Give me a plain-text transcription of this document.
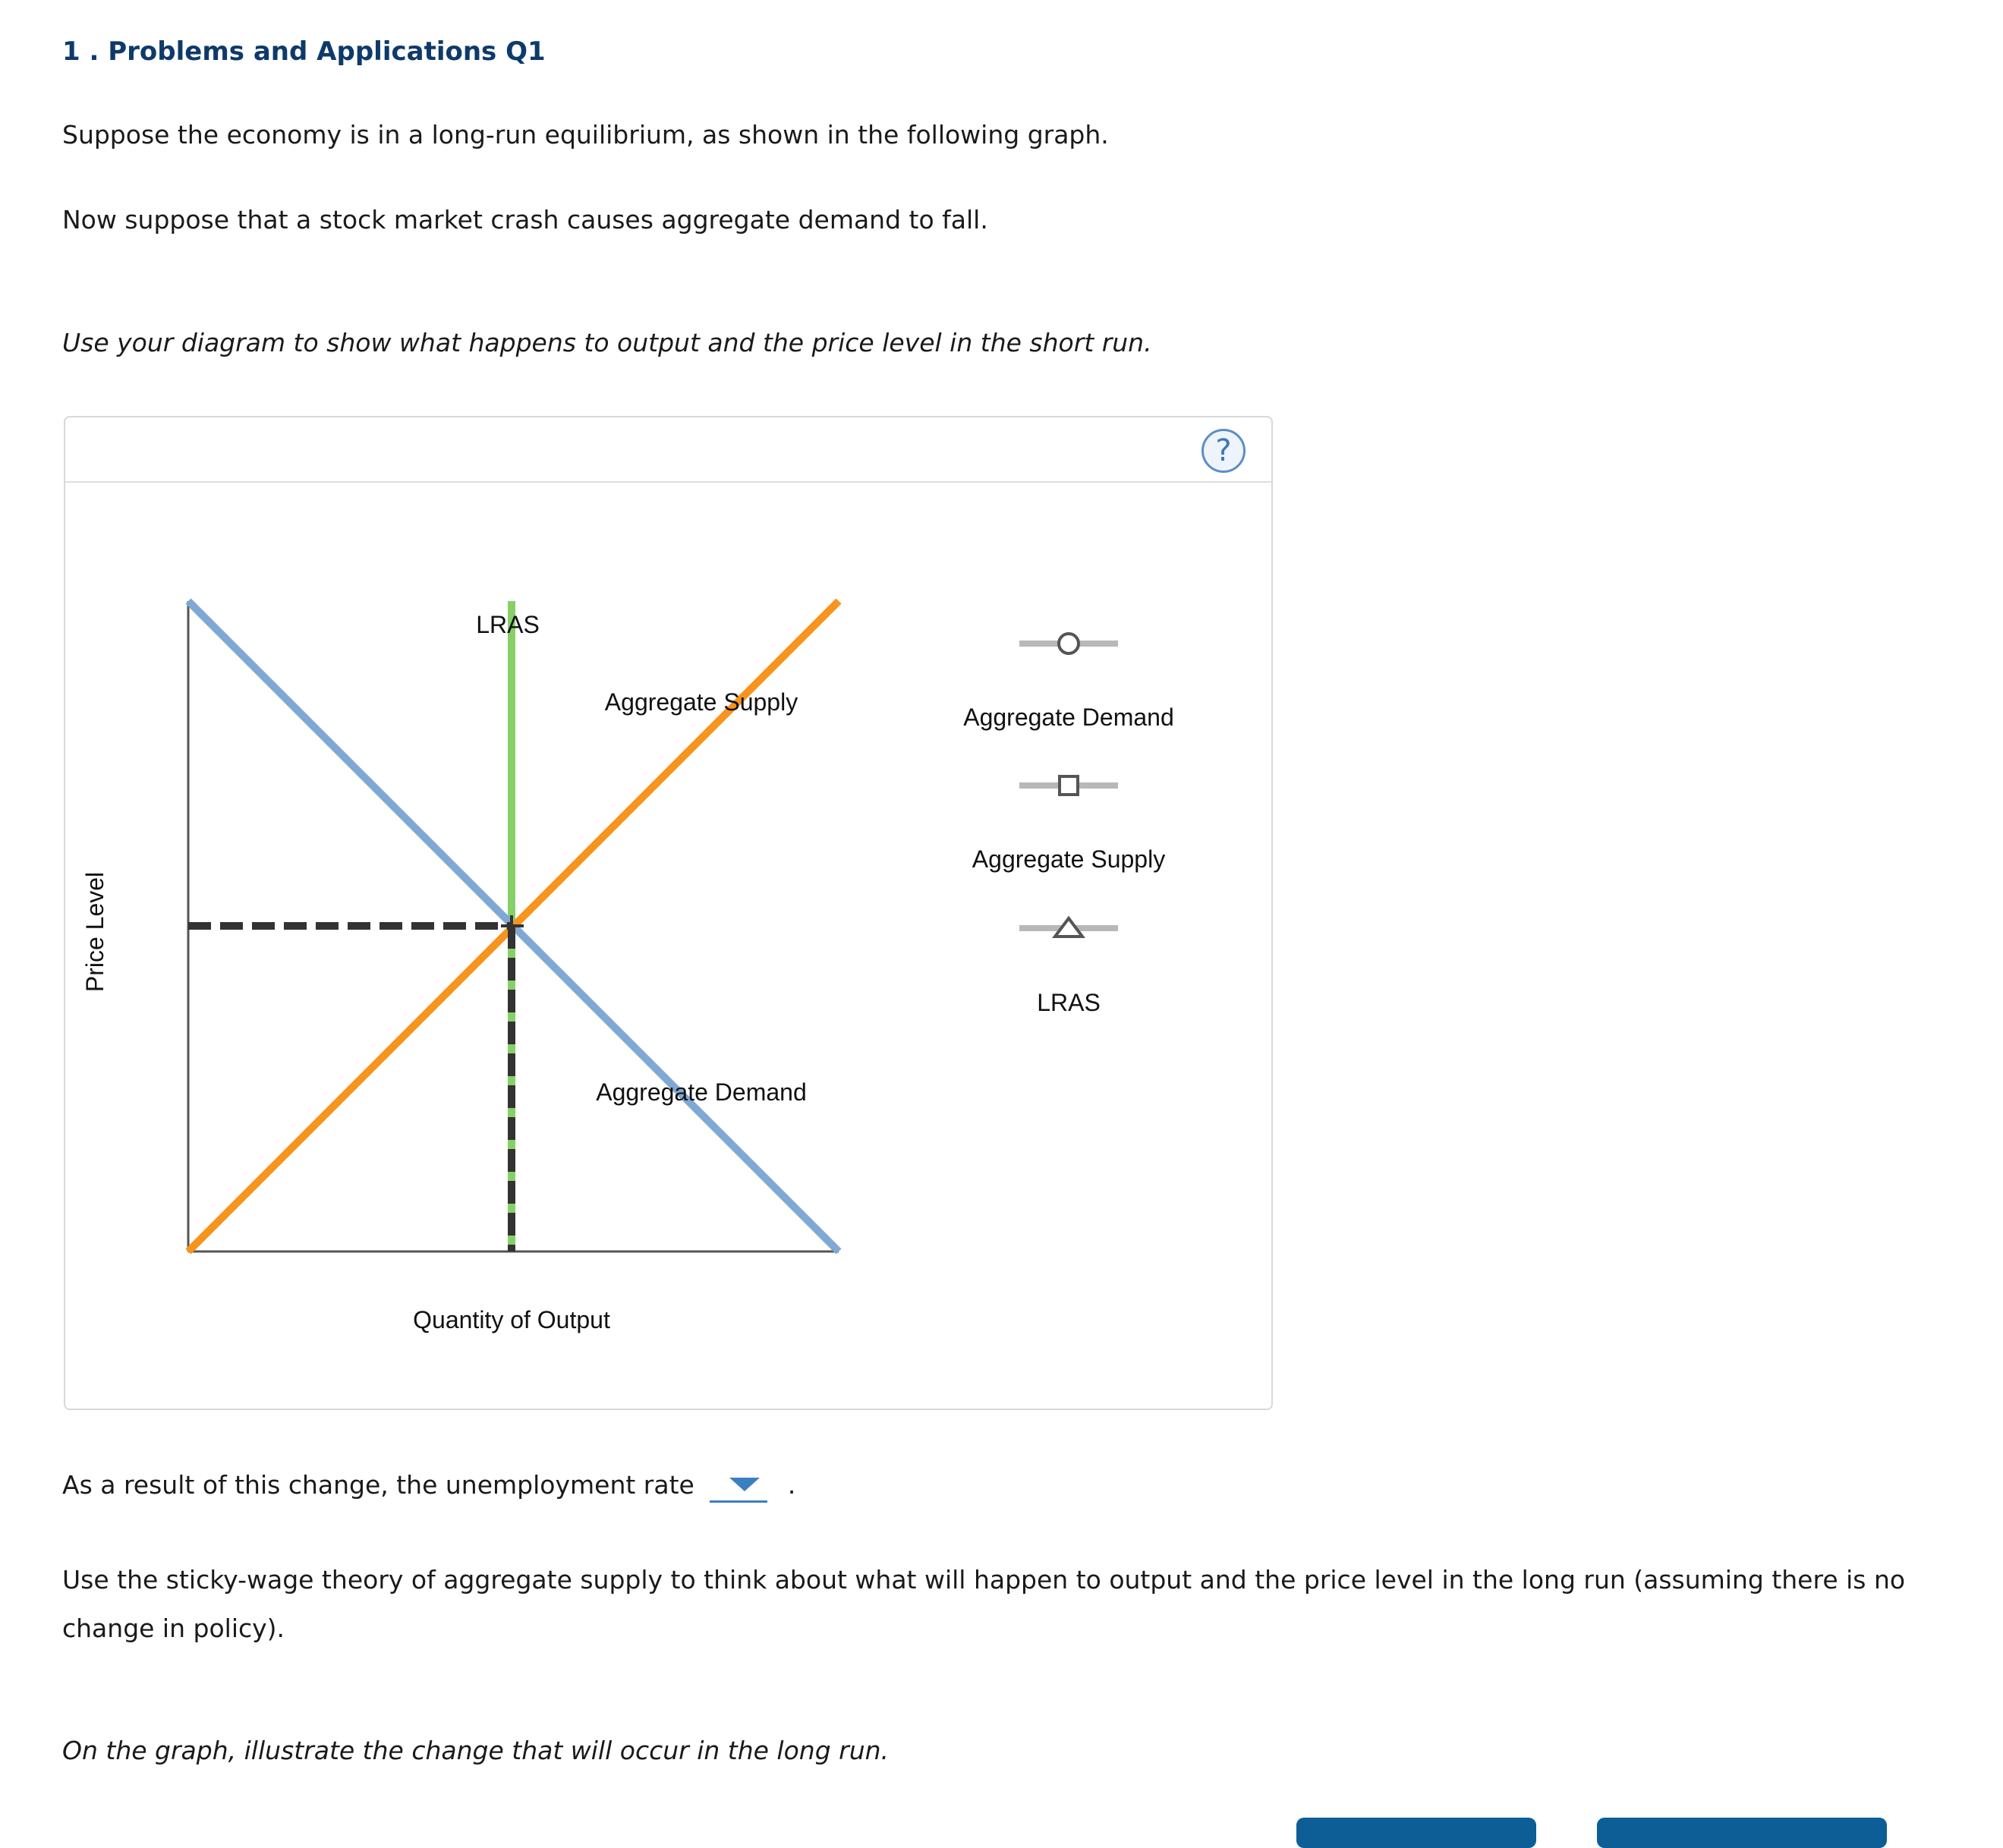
1 . Problems and Applications Q1
Suppose the economy is in a long-run equilibrium, as shown in the following graph.
Now suppose that a stock market crash causes aggregate demand to fall.
Use your diagram to show what happens to output and the price level in the short run.
?
LRAS
Aggregate Supply
Aggregate Demand
Quantity of Output
Price Level
Aggregate Demand
Aggregate Supply
LRAS
As a result of this change, the unemployment rate	.
Use the sticky-wage theory of aggregate supply to think about what will happen to output and the price level in the long run (assuming there is no change in policy).
On the graph, illustrate the change that will occur in the long run.
